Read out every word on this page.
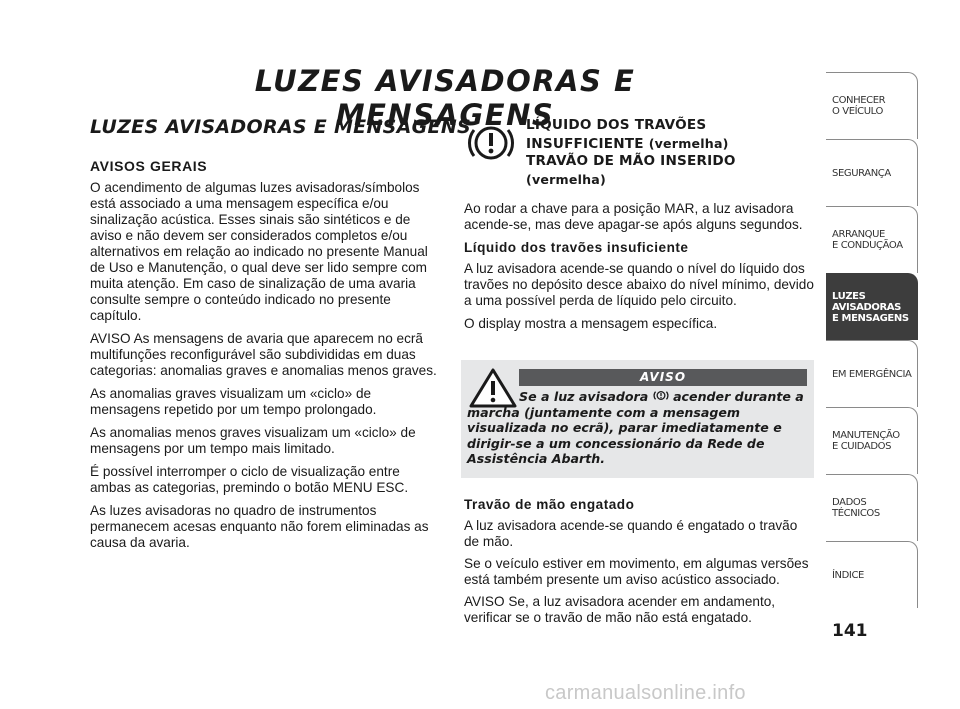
LUZES AVISADORAS E MENSAGENS
LUZES AVISADORAS E MENSAGENS
AVISOS GERAIS

O acendimento de algumas luzes avisadoras/símbolos está associado a uma mensagem específica e/ou sinalização acústica. Esses sinais são sintéticos e de aviso e não devem ser considerados completos e/ou alternativos em relação ao indicado no presente Manual de Uso e Manutenção, o qual deve ser lido sempre com muita atenção. Em caso de sinalização de uma avaria consulte sempre o conteúdo indicado no presente capítulo.

AVISO As mensagens de avaria que aparecem no ecrã multifunções reconfigurável são subdivididas em duas categorias: anomalias graves e anomalias menos graves.

As anomalias graves visualizam um «ciclo» de mensagens repetido por um tempo prolongado.

As anomalias menos graves visualizam um «ciclo» de mensagens por um tempo mais limitado.

É possível interromper o ciclo de visualização entre ambas as categorias, premindo o botão MENU ESC.

As luzes avisadoras no quadro de instrumentos permanecem acesas enquanto não forem eliminadas as causa da avaria.

LÍQUIDO DOS TRAVÕES
INSUFFICIENTE (vermelha)
TRAVÃO DE MÃO INSERIDO
(vermelha)

Ao rodar a chave para a posição MAR, a luz avisadora acende-se, mas deve apagar-se após alguns segundos.

Líquido dos travões insuficiente

A luz avisadora acende-se quando o nível do líquido dos travões no depósito desce abaixo do nível mínimo, devido a uma possível perda de líquido pelo circuito.

O display mostra a mensagem específica.

AVISO
Se a luz avisadora acender durante a marcha (juntamente com a mensagem visualizada no ecrã), parar imediatamente e dirigir-se a um concessionário da Rede de Assistência Abarth.
Travão de mão engatado

A luz avisadora acende-se quando é engatado o travão de mão.

Se o veículo estiver em movimento, em algumas versões está também presente um aviso acústico associado.

AVISO Se, a luz avisadora acender em andamento, verificar se o travão de mão não está engatado.

CONHECER
O VEÍCULO
SEGURANÇA
ARRANQUE
E CONDUÇÃOA
LUZES
AVISADORAS
E MENSAGENS
EM EMERGÊNCIA
MANUTENÇÃO
E CUIDADOS
DADOS
TÉCNICOS
ÍNDICE
141
carmanualsonline.info
